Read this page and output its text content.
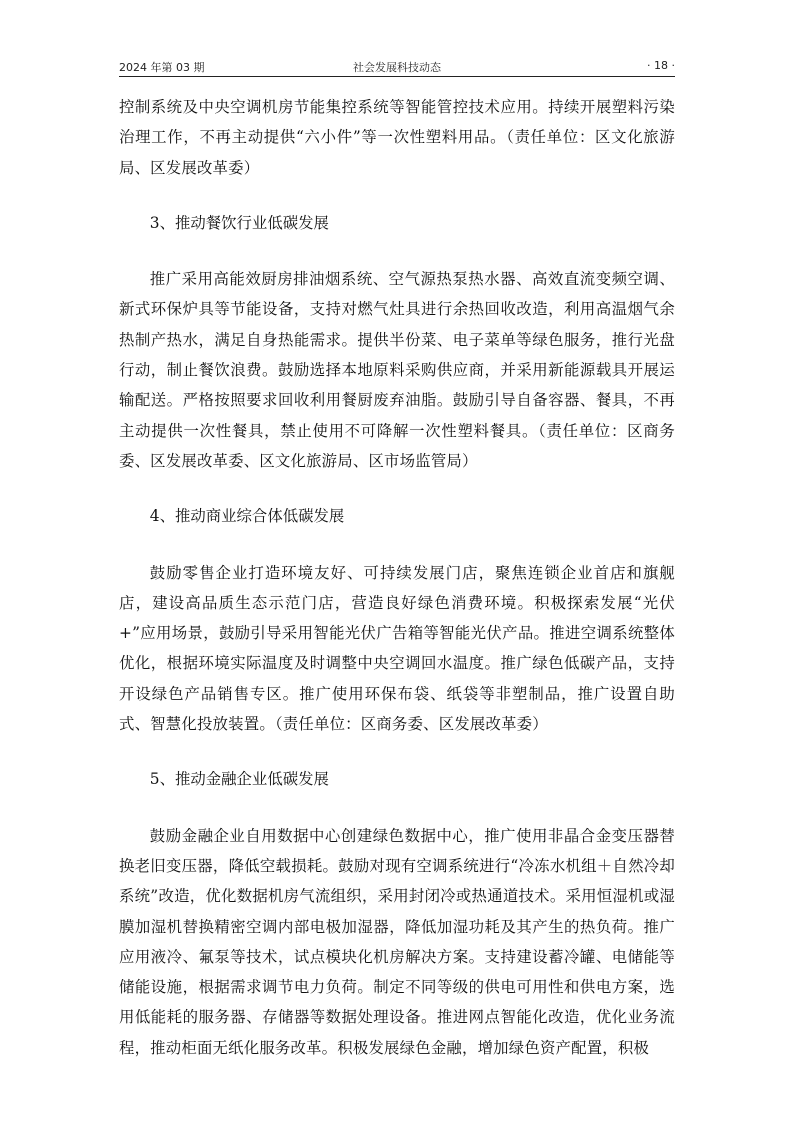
2024 年第 03 期	社会发展科技动态	· 18 ·

控制系统及中央空调机房节能集控系统等智能管控技术应用。持续开展塑料污染治理工作，不再主动提供“六小件”等一次性塑料用品。（责任单位：区文化旅游局、区发展改革委）

3、推动餐饮行业低碳发展

推广采用高能效厨房排油烟系统、空气源热泵热水器、高效直流变频空调、新式环保炉具等节能设备，支持对燃气灶具进行余热回收改造，利用高温烟气余热制产热水，满足自身热能需求。提供半份菜、电子菜单等绿色服务，推行光盘行动，制止餐饮浪费。鼓励选择本地原料采购供应商，并采用新能源载具开展运输配送。严格按照要求回收利用餐厨废弃油脂。鼓励引导自备容器、餐具，不再主动提供一次性餐具，禁止使用不可降解一次性塑料餐具。（责任单位：区商务委、区发展改革委、区文化旅游局、区市场监管局）

4、推动商业综合体低碳发展

鼓励零售企业打造环境友好、可持续发展门店，聚焦连锁企业首店和旗舰店，建设高品质生态示范门店，营造良好绿色消费环境。积极探索发展“光伏+”应用场景，鼓励引导采用智能光伏广告箱等智能光伏产品。推进空调系统整体优化，根据环境实际温度及时调整中央空调回水温度。推广绿色低碳产品，支持开设绿色产品销售专区。推广使用环保布袋、纸袋等非塑制品，推广设置自助式、智慧化投放装置。（责任单位：区商务委、区发展改革委）

5、推动金融企业低碳发展

鼓励金融企业自用数据中心创建绿色数据中心，推广使用非晶合金变压器替换老旧变压器，降低空载损耗。鼓励对现有空调系统进行“冷冻水机组＋自然冷却系统”改造，优化数据机房气流组织，采用封闭冷或热通道技术。采用恒湿机或湿膜加湿机替换精密空调内部电极加湿器，降低加湿功耗及其产生的热负荷。推广应用液冷、氟泵等技术，试点模块化机房解决方案。支持建设蓄冷罐、电储能等储能设施，根据需求调节电力负荷。制定不同等级的供电可用性和供电方案，选用低能耗的服务器、存储器等数据处理设备。推进网点智能化改造，优化业务流程，推动柜面无纸化服务改革。积极发展绿色金融，增加绿色资产配置，积极
